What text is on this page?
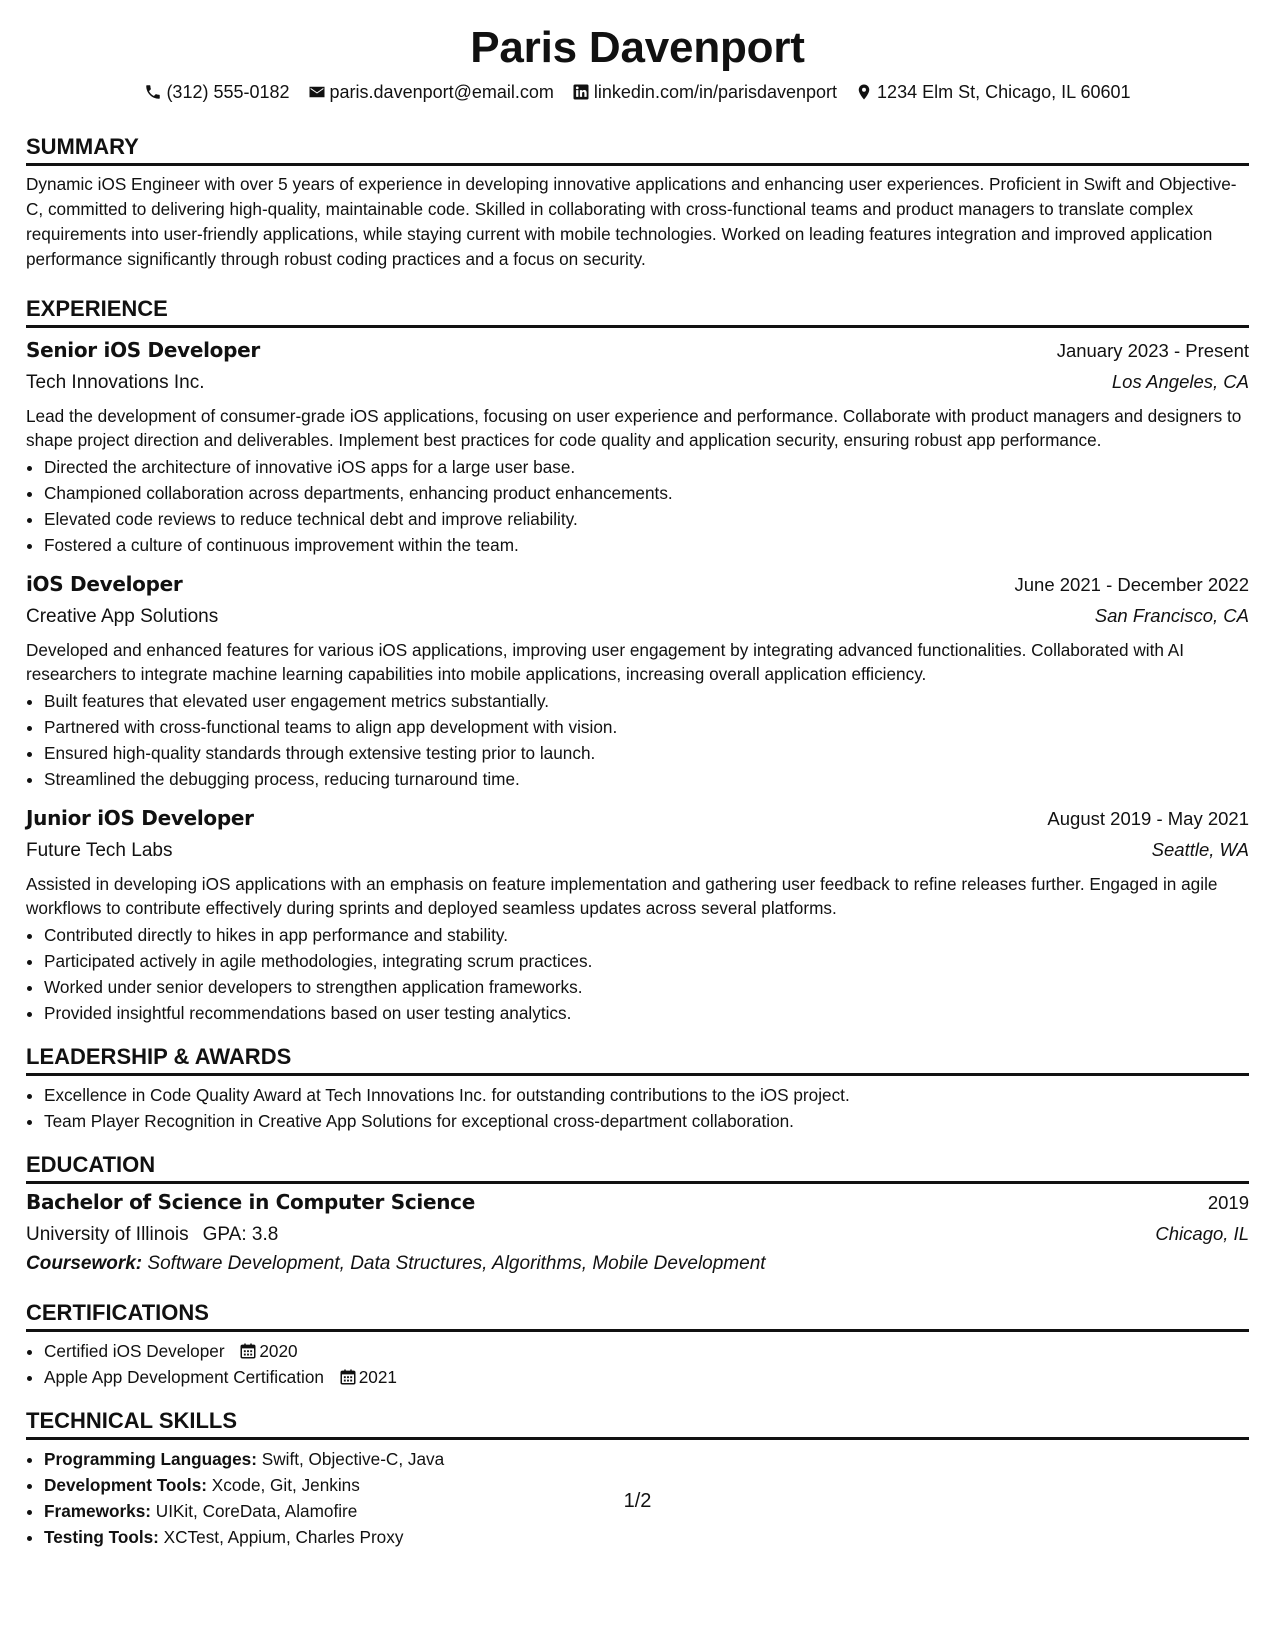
Paris Davenport
(312) 555-0182 paris.davenport@email.com linkedin.com/in/parisdavenport 1234 Elm St, Chicago, IL 60601
SUMMARY

Dynamic iOS Engineer with over 5 years of experience in developing innovative applications and enhancing user experiences. Proficient in Swift and Objective-C, committed to delivering high-quality, maintainable code. Skilled in collaborating with cross-functional teams and product managers to translate complex requirements into user-friendly applications, while staying current with mobile technologies. Worked on leading features integration and improved application performance significantly through robust coding practices and a focus on security.

EXPERIENCE
Senior iOS Developer	January 2023 - Present
Tech Innovations Inc.	Los Angeles, CA

Lead the development of consumer-grade iOS applications, focusing on user experience and performance. Collaborate with product managers and designers to shape project direction and deliverables. Implement best practices for code quality and application security, ensuring robust app performance.

• Directed the architecture of innovative iOS apps for a large user base.
• Championed collaboration across departments, enhancing product enhancements.
• Elevated code reviews to reduce technical debt and improve reliability.
• Fostered a culture of continuous improvement within the team.
iOS Developer	June 2021 - December 2022
Creative App Solutions	San Francisco, CA

Developed and enhanced features for various iOS applications, improving user engagement by integrating advanced functionalities. Collaborated with AI researchers to integrate machine learning capabilities into mobile applications, increasing overall application efficiency.

• Built features that elevated user engagement metrics substantially.
• Partnered with cross-functional teams to align app development with vision.
• Ensured high-quality standards through extensive testing prior to launch.
• Streamlined the debugging process, reducing turnaround time.
Junior iOS Developer	August 2019 - May 2021
Future Tech Labs	Seattle, WA

Assisted in developing iOS applications with an emphasis on feature implementation and gathering user feedback to refine releases further. Engaged in agile workflows to contribute effectively during sprints and deployed seamless updates across several platforms.

• Contributed directly to hikes in app performance and stability.
• Participated actively in agile methodologies, integrating scrum practices.
• Worked under senior developers to strengthen application frameworks.
• Provided insightful recommendations based on user testing analytics.
LEADERSHIP & AWARDS
• Excellence in Code Quality Award at Tech Innovations Inc. for outstanding contributions to the iOS project.
• Team Player Recognition in Creative App Solutions for exceptional cross-department collaboration.
EDUCATION
Bachelor of Science in Computer Science	2019
University of Illinois GPA: 3.8	Chicago, IL
Coursework: Software Development, Data Structures, Algorithms, Mobile Development
CERTIFICATIONS
• Certified iOS Developer 2020
• Apple App Development Certification 2021
TECHNICAL SKILLS
• Programming Languages: Swift, Objective-C, Java
• Development Tools: Xcode, Git, Jenkins
• Frameworks: UIKit, CoreData, Alamofire
• Testing Tools: XCTest, Appium, Charles Proxy
1/2
